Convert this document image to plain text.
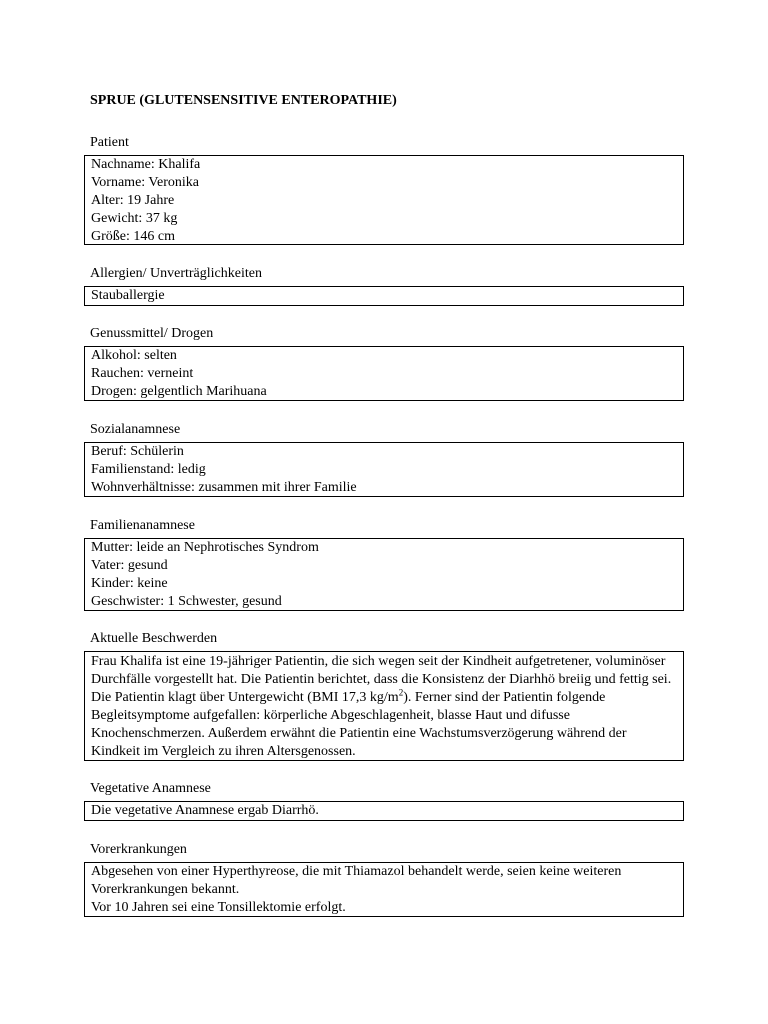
SPRUE (GLUTENSENSITIVE ENTEROPATHIE)
Patient
Nachname: Khalifa
Vorname: Veronika
Alter: 19 Jahre
Gewicht: 37 kg
Größe: 146 cm
Allergien/ Unverträglichkeiten
Stauballergie
Genussmittel/ Drogen
Alkohol: selten
Rauchen: verneint
Drogen: gelgentlich Marihuana
Sozialanamnese
Beruf: Schülerin
Familienstand: ledig
Wohnverhältnisse: zusammen mit ihrer Familie
Familienanamnese
Mutter: leide an Nephrotisches Syndrom
Vater: gesund
Kinder: keine
Geschwister: 1 Schwester, gesund
Aktuelle Beschwerden
Frau Khalifa ist eine 19-jähriger Patientin, die sich wegen seit der Kindheit aufgetretener, voluminöser Durchfälle vorgestellt hat. Die Patientin berichtet, dass die Konsistenz der Diarhhö breiig und fettig sei. Die Patientin klagt über Untergewicht (BMI 17,3 $kg/m^2$). Ferner sind der Patientin folgende Begleitsymptome aufgefallen: körperliche Abgeschlagenheit, blasse Haut und difusse Knochenschmerzen. Außerdem erwähnt die Patientin eine Wachstumsverzögerung während der Kindkeit im Vergleich zu ihren Altersgenossen.
Vegetative Anamnese
Die vegetative Anamnese ergab Diarrhö.
Vorerkrankungen
Abgesehen von einer Hyperthyreose, die mit Thiamazol behandelt werde, seien keine weiteren
Vorerkrankungen bekannt.
Vor 10 Jahren sei eine Tonsillektomie erfolgt.
